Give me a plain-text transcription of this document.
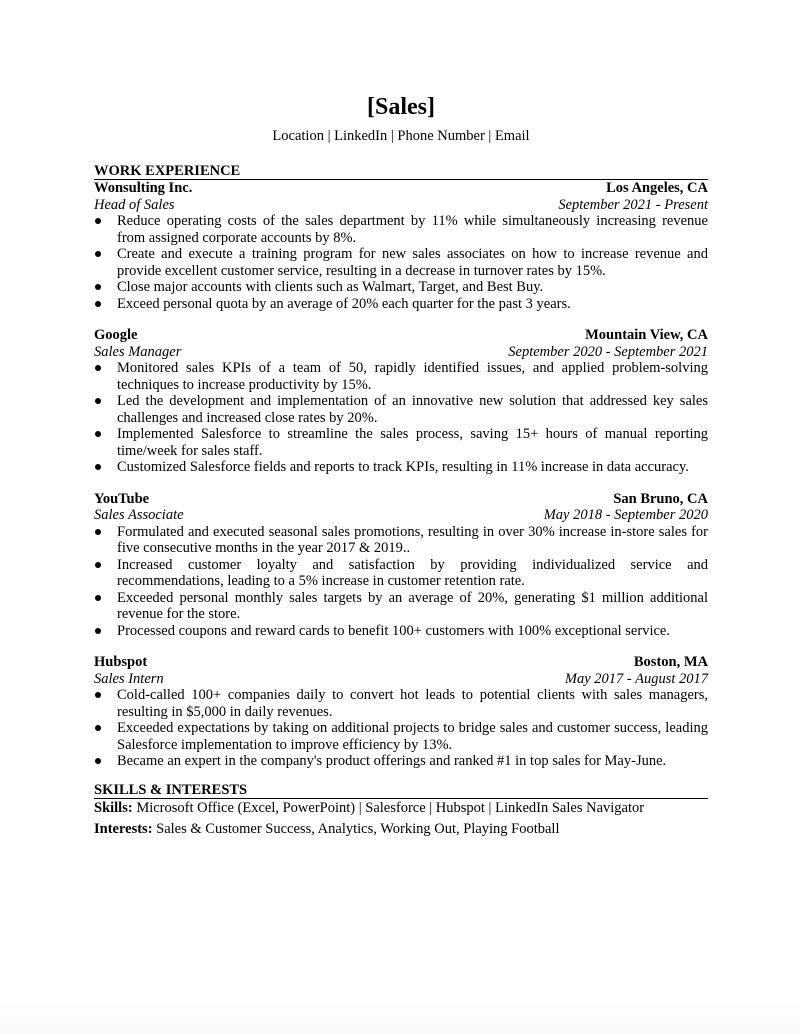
[Sales]
Location | LinkedIn | Phone Number | Email
WORK EXPERIENCE
Wonsulting Inc.	Los Angeles, CA
Head of Sales	September 2021 - Present
Reduce operating costs of the sales department by 11% while simultaneously increasing revenue from assigned corporate accounts by 8%.
Create and execute a training program for new sales associates on how to increase revenue and provide excellent customer service, resulting in a decrease in turnover rates by 15%.
Close major accounts with clients such as Walmart, Target, and Best Buy.
Exceed personal quota by an average of 20% each quarter for the past 3 years.
Google	Mountain View, CA
Sales Manager	September 2020 - September 2021
Monitored sales KPIs of a team of 50, rapidly identified issues, and applied problem-solving techniques to increase productivity by 15%.
Led the development and implementation of an innovative new solution that addressed key sales challenges and increased close rates by 20%.
Implemented Salesforce to streamline the sales process, saving 15+ hours of manual reporting time/week for sales staff.
Customized Salesforce fields and reports to track KPIs, resulting in 11% increase in data accuracy.
YouTube	San Bruno, CA
Sales Associate	May 2018 - September 2020
Formulated and executed seasonal sales promotions, resulting in over 30% increase in-store sales for five consecutive months in the year 2017 & 2019..
Increased customer loyalty and satisfaction by providing individualized service and recommendations, leading to a 5% increase in customer retention rate.
Exceeded personal monthly sales targets by an average of 20%, generating $1 million additional revenue for the store.
Processed coupons and reward cards to benefit 100+ customers with 100% exceptional service.
Hubspot	Boston, MA
Sales Intern	May 2017 - August 2017
Cold-called 100+ companies daily to convert hot leads to potential clients with sales managers, resulting in $5,000 in daily revenues.
Exceeded expectations by taking on additional projects to bridge sales and customer success, leading Salesforce implementation to improve efficiency by 13%.
Became an expert in the company's product offerings and ranked #1 in top sales for May-June.
SKILLS & INTERESTS
Skills: Microsoft Office (Excel, PowerPoint) | Salesforce | Hubspot | LinkedIn Sales Navigator
Interests: Sales & Customer Success, Analytics, Working Out, Playing Football
